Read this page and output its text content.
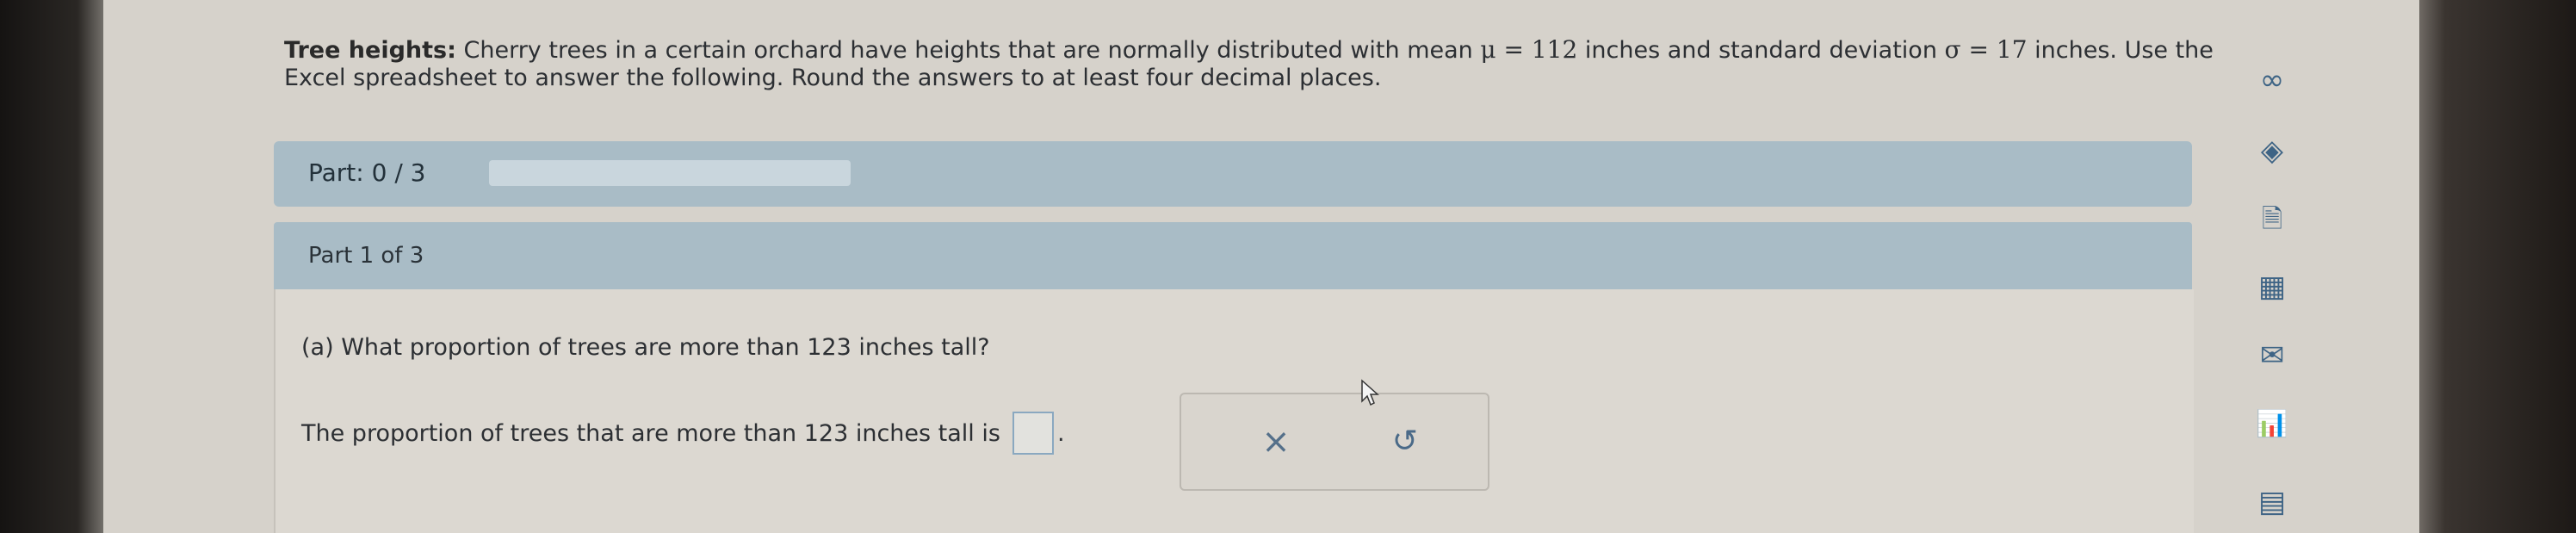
Tree heights: Cherry trees in a certain orchard have heights that are normally distributed with mean μ = 112 inches and standard deviation σ = 17 inches. Use the Excel spreadsheet to answer the following. Round the answers to at least four decimal places.
Part: 0 / 3
Part 1 of 3
(a) What proportion of trees are more than 123 inches tall?
The proportion of trees that are more than 123 inches tall is .	×	↺
∞
◈
🗎
▦
✉
📊
▤
